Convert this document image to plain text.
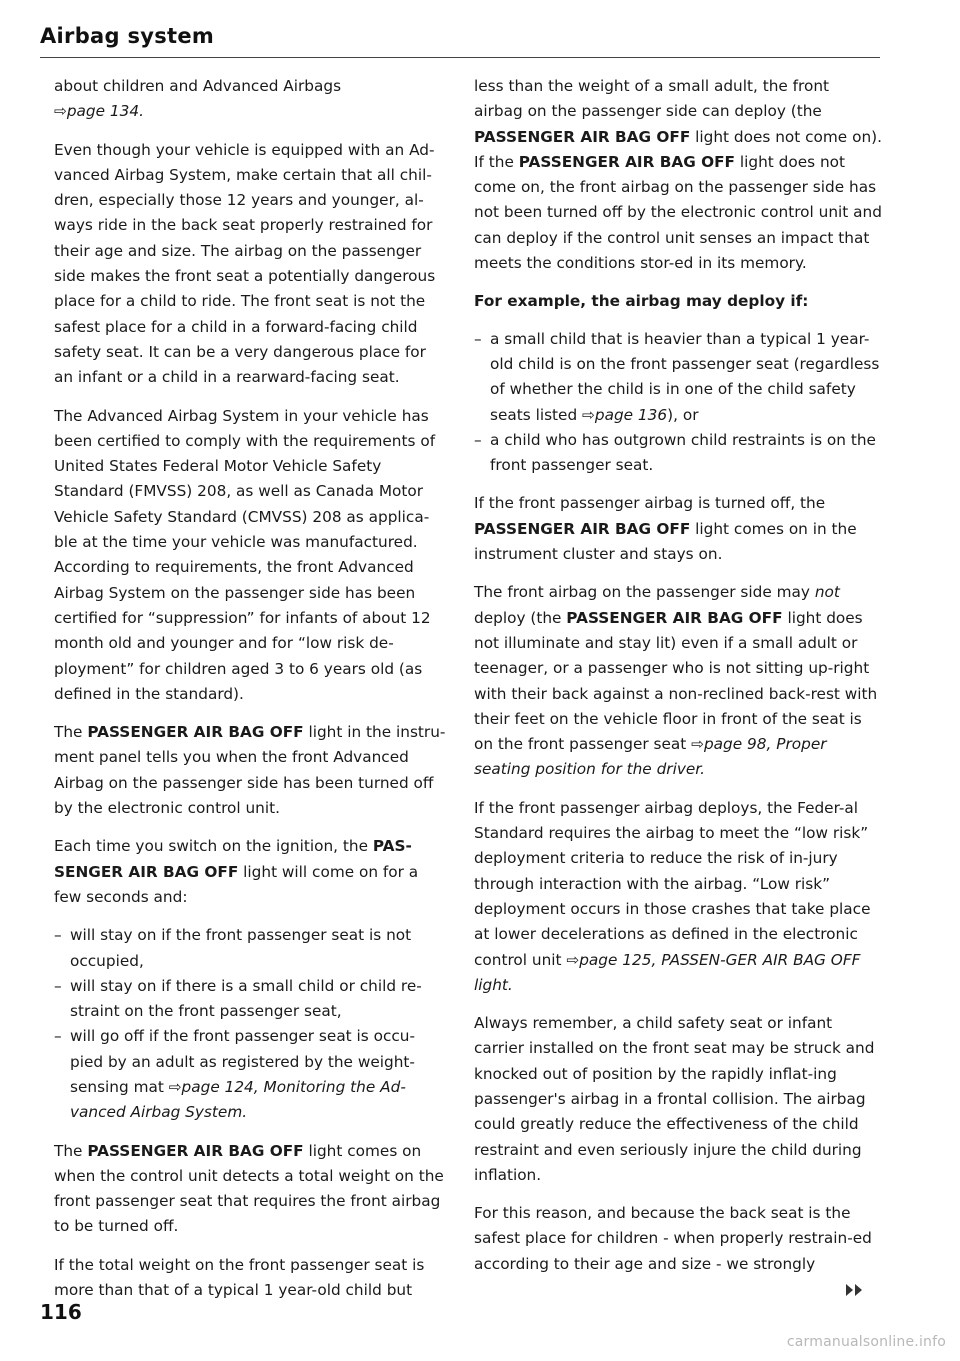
Airbag system

about children and Advanced Airbags
⇨page 134.

Even though your vehicle is equipped with an Ad-vanced Airbag System, make certain that all chil-dren, especially those 12 years and younger, al-ways ride in the back seat properly restrained for their age and size. The airbag on the passenger side makes the front seat a potentially dangerous place for a child to ride. The front seat is not the safest place for a child in a forward-facing child safety seat. It can be a very dangerous place for an infant or a child in a rearward-facing seat.

The Advanced Airbag System in your vehicle has been certified to comply with the requirements of United States Federal Motor Vehicle Safety Standard (FMVSS) 208, as well as Canada Motor Vehicle Safety Standard (CMVSS) 208 as applica-ble at the time your vehicle was manufactured. According to requirements, the front Advanced Airbag System on the passenger side has been certified for “suppression” for infants of about 12 month old and younger and for “low risk de-ployment” for children aged 3 to 6 years old (as defined in the standard).

The PASSENGER AIR BAG OFF light in the instru-ment panel tells you when the front Advanced Airbag on the passenger side has been turned off by the electronic control unit.

Each time you switch on the ignition, the PAS-SENGER AIR BAG OFF light will come on for a few seconds and:

– will stay on if the front passenger seat is not occupied,
– will stay on if there is a small child or child re-straint on the front passenger seat,
– will go off if the front passenger seat is occu-pied by an adult as registered by the weight-sensing mat ⇨page 124, Monitoring the Ad-vanced Airbag System.

The PASSENGER AIR BAG OFF light comes on when the control unit detects a total weight on the front passenger seat that requires the front airbag to be turned off.

If the total weight on the front passenger seat is more than that of a typical 1 year-old child but

less than the weight of a small adult, the front airbag on the passenger side can deploy (the PASSENGER AIR BAG OFF light does not come on). If the PASSENGER AIR BAG OFF light does not come on, the front airbag on the passenger side has not been turned off by the electronic control unit and can deploy if the control unit senses an impact that meets the conditions stor-ed in its memory.

For example, the airbag may deploy if:

– a small child that is heavier than a typical 1 year-old child is on the front passenger seat (regardless of whether the child is in one of the child safety seats listed ⇨page 136), or
– a child who has outgrown child restraints is on the front passenger seat.

If the front passenger airbag is turned off, the PASSENGER AIR BAG OFF light comes on in the instrument cluster and stays on.

The front airbag on the passenger side may not deploy (the PASSENGER AIR BAG OFF light does not illuminate and stay lit) even if a small adult or teenager, or a passenger who is not sitting up-right with their back against a non-reclined back-rest with their feet on the vehicle floor in front of the seat is on the front passenger seat ⇨page 98, Proper seating position for the driver.

If the front passenger airbag deploys, the Feder-al Standard requires the airbag to meet the “low risk” deployment criteria to reduce the risk of in-jury through interaction with the airbag. “Low risk” deployment occurs in those crashes that take place at lower decelerations as defined in the electronic control unit ⇨page 125, PASSEN-GER AIR BAG OFF light.

Always remember, a child safety seat or infant carrier installed on the front seat may be struck and knocked out of position by the rapidly inflat-ing passenger's airbag in a frontal collision. The airbag could greatly reduce the effectiveness of the child restraint and even seriously injure the child during inflation.

For this reason, and because the back seat is the safest place for children - when properly restrain-ed according to their age and size - we strongly

116
carmanualsonline.info
